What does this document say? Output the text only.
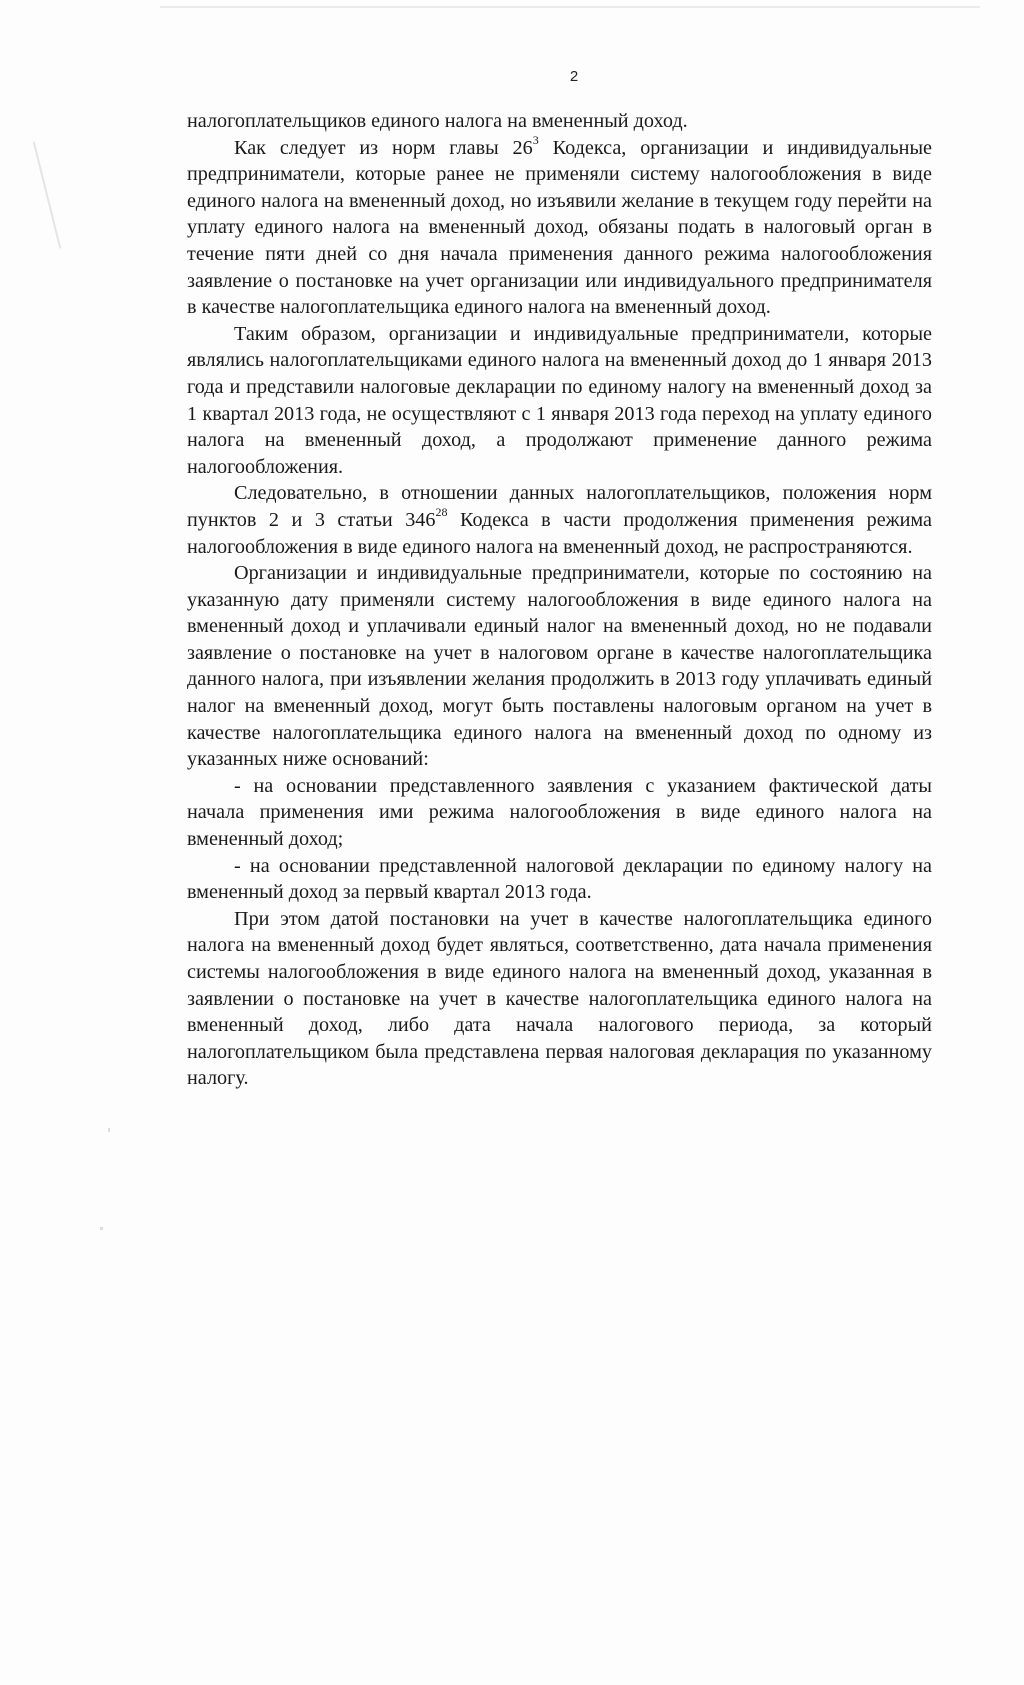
2

налогоплательщиков единого налога на вмененный доход.

Как следует из норм главы $26^3$ Кодекса, организации и индивидуальные предприниматели, которые ранее не применяли систему налогообложения в виде единого налога на вмененный доход, но изъявили желание в текущем году перейти на уплату единого налога на вмененный доход, обязаны подать в налоговый орган в течение пяти дней со дня начала применения данного режима налогообложения заявление о постановке на учет организации или индивидуального предпринимателя в качестве налогоплательщика единого налога на вмененный доход.

Таким образом, организации и индивидуальные предприниматели, которые являлись налогоплательщиками единого налога на вмененный доход до 1 января 2013 года и представили налоговые декларации по единому налогу на вмененный доход за 1 квартал 2013 года, не осуществляют с 1 января 2013 года переход на уплату единого налога на вмененный доход, а продолжают применение данного режима налогообложения.

Следовательно, в отношении данных налогоплательщиков, положения норм пунктов 2 и 3 статьи $346^{28}$ Кодекса в части продолжения применения режима налогообложения в виде единого налога на вмененный доход, не распространяются.

Организации и индивидуальные предприниматели, которые по состоянию на указанную дату применяли систему налогообложения в виде единого налога на вмененный доход и уплачивали единый налог на вмененный доход, но не подавали заявление о постановке на учет в налоговом органе в качестве налогоплательщика данного налога, при изъявлении желания продолжить в 2013 году уплачивать единый налог на вмененный доход, могут быть поставлены налоговым органом на учет в качестве налогоплательщика единого налога на вмененный доход по одному из указанных ниже оснований:

- на основании представленного заявления с указанием фактической даты начала применения ими режима налогообложения в виде единого налога на вмененный доход;

- на основании представленной налоговой декларации по единому налогу на вмененный доход за первый квартал 2013 года.

При этом датой постановки на учет в качестве налогоплательщика единого налога на вмененный доход будет являться, соответственно, дата начала применения системы налогообложения в виде единого налога на вмененный доход, указанная в заявлении о постановке на учет в качестве налогоплательщика единого налога на вмененный доход, либо дата начала налогового периода, за который налогоплательщиком была представлена первая налоговая декларация по указанному налогу.
